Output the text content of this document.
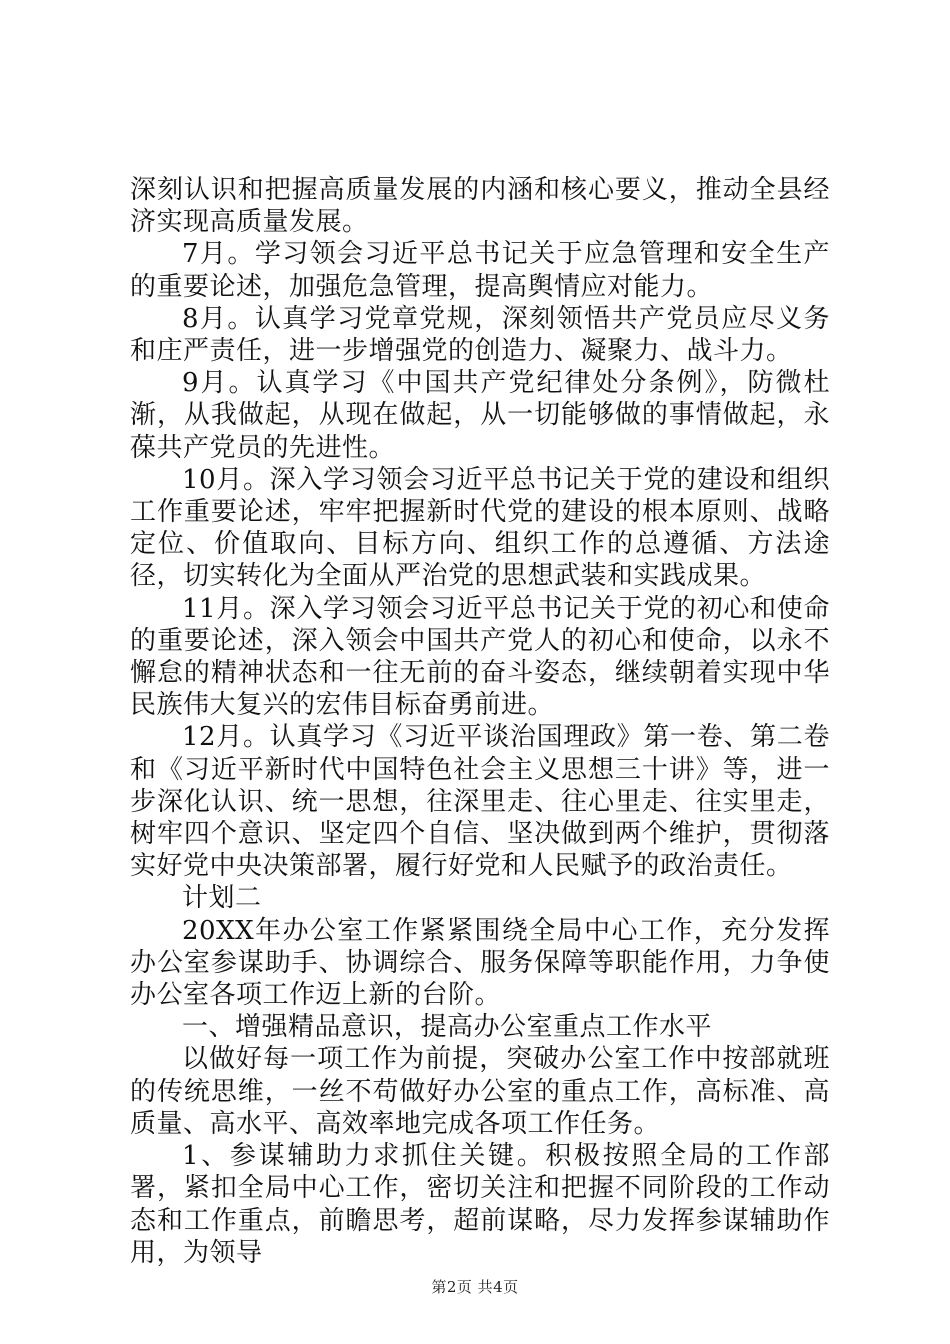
深刻认识和把握高质量发展的内涵和核心要义，推动全县经济实现高质量发展。

7月。学习领会习近平总书记关于应急管理和安全生产的重要论述，加强危急管理，提高舆情应对能力。

8月。认真学习党章党规，深刻领悟共产党员应尽义务和庄严责任，进一步增强党的创造力、凝聚力、战斗力。

9月。认真学习《中国共产党纪律处分条例》，防微杜渐，从我做起，从现在做起，从一切能够做的事情做起，永葆共产党员的先进性。

10月。深入学习领会习近平总书记关于党的建设和组织工作重要论述，牢牢把握新时代党的建设的根本原则、战略定位、价值取向、目标方向、组织工作的总遵循、方法途径，切实转化为全面从严治党的思想武装和实践成果。

11月。深入学习领会习近平总书记关于党的初心和使命的重要论述，深入领会中国共产党人的初心和使命，以永不懈怠的精神状态和一往无前的奋斗姿态，继续朝着实现中华民族伟大复兴的宏伟目标奋勇前进。

12月。认真学习《习近平谈治国理政》第一卷、第二卷和《习近平新时代中国特色社会主义思想三十讲》等，进一步深化认识、统一思想，往深里走、往心里走、往实里走，树牢四个意识、坚定四个自信、坚决做到两个维护，贯彻落实好党中央决策部署，履行好党和人民赋予的政治责任。

计划二

20XX年办公室工作紧紧围绕全局中心工作，充分发挥办公室参谋助手、协调综合、服务保障等职能作用，力争使办公室各项工作迈上新的台阶。

一、增强精品意识，提高办公室重点工作水平

以做好每一项工作为前提，突破办公室工作中按部就班的传统思维，一丝不苟做好办公室的重点工作，高标准、高质量、高水平、高效率地完成各项工作任务。

1、参谋辅助力求抓住关键。积极按照全局的工作部署，紧扣全局中心工作，密切关注和把握不同阶段的工作动态和工作重点，前瞻思考，超前谋略，尽力发挥参谋辅助作用，为领导

第2页 共4页
